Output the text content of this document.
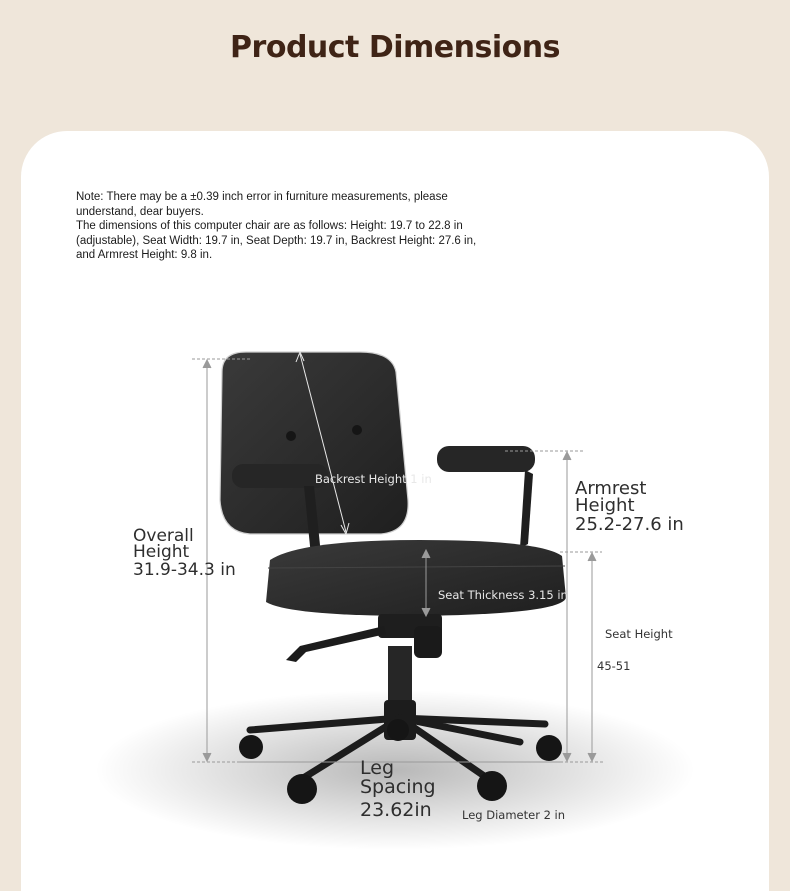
Product Dimensions
Note: There may be a ±0.39 inch error in furniture measurements, please understand, dear buyers.
The dimensions of this computer chair are as follows: Height: 19.7 to 22.8 in (adjustable), Seat Width: 19.7 in, Seat Depth: 19.7 in, Backrest Height: 27.6 in, and Armrest Height: 9.8 in.
Overall
Height
31.9-34.3 in
Armrest
Height
25.2-27.6 in
Backrest Height 1 in
Seat Thickness 3.15 in
Seat Height
45-51
Leg
Spacing
23.62in	Leg Diameter 2 in
